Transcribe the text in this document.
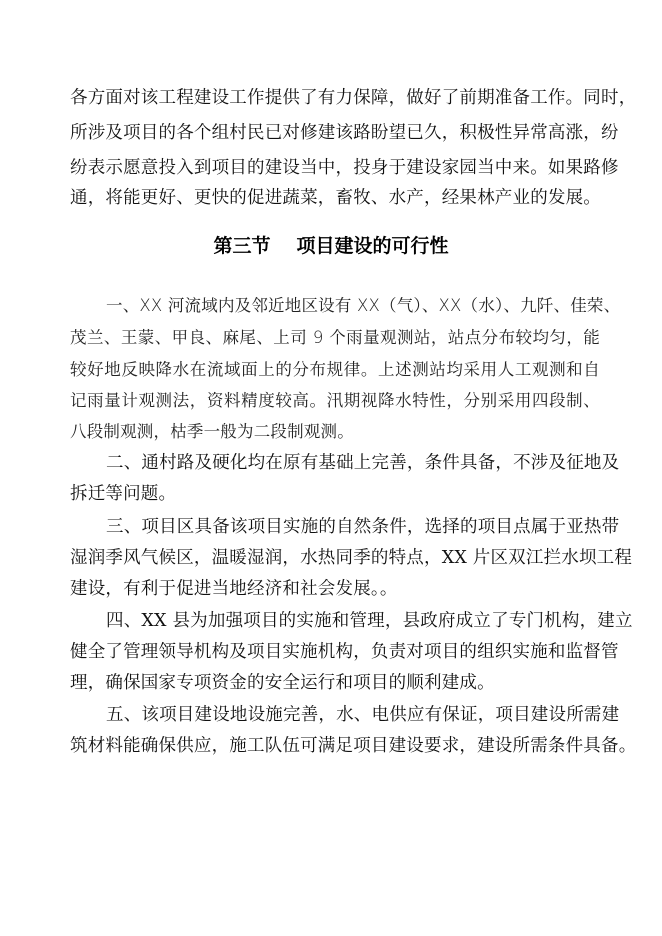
各方面对该工程建设工作提供了有力保障，做好了前期准备工作。同时，
所涉及项目的各个组村民已对修建该路盼望已久，积极性异常高涨，纷
纷表示愿意投入到项目的建设当中，投身于建设家园当中来。如果路修
通，将能更好、更快的促进蔬菜，畜牧、水产，经果林产业的发展。
第三节 项目建设的可行性
一、XX 河流域内及邻近地区设有 XX（气）、XX（水）、九阡、佳荣、
茂兰、王蒙、甲良、麻尾、上司 9 个雨量观测站，站点分布较均匀，能
较好地反映降水在流域面上的分布规律。上述测站均采用人工观测和自
记雨量计观测法，资料精度较高。汛期视降水特性，分别采用四段制、
八段制观测，枯季一般为二段制观测。
二、通村路及硬化均在原有基础上完善，条件具备，不涉及征地及
拆迁等问题。
三、项目区具备该项目实施的自然条件，选择的项目点属于亚热带
湿润季风气候区，温暖湿润，水热同季的特点，XX 片区双江拦水坝工程
建设，有利于促进当地经济和社会发展。。
四、XX 县为加强项目的实施和管理，县政府成立了专门机构，建立
健全了管理领导机构及项目实施机构，负责对项目的组织实施和监督管
理，确保国家专项资金的安全运行和项目的顺利建成。
五、该项目建设地设施完善，水、电供应有保证，项目建设所需建
筑材料能确保供应，施工队伍可满足项目建设要求，建设所需条件具备。
